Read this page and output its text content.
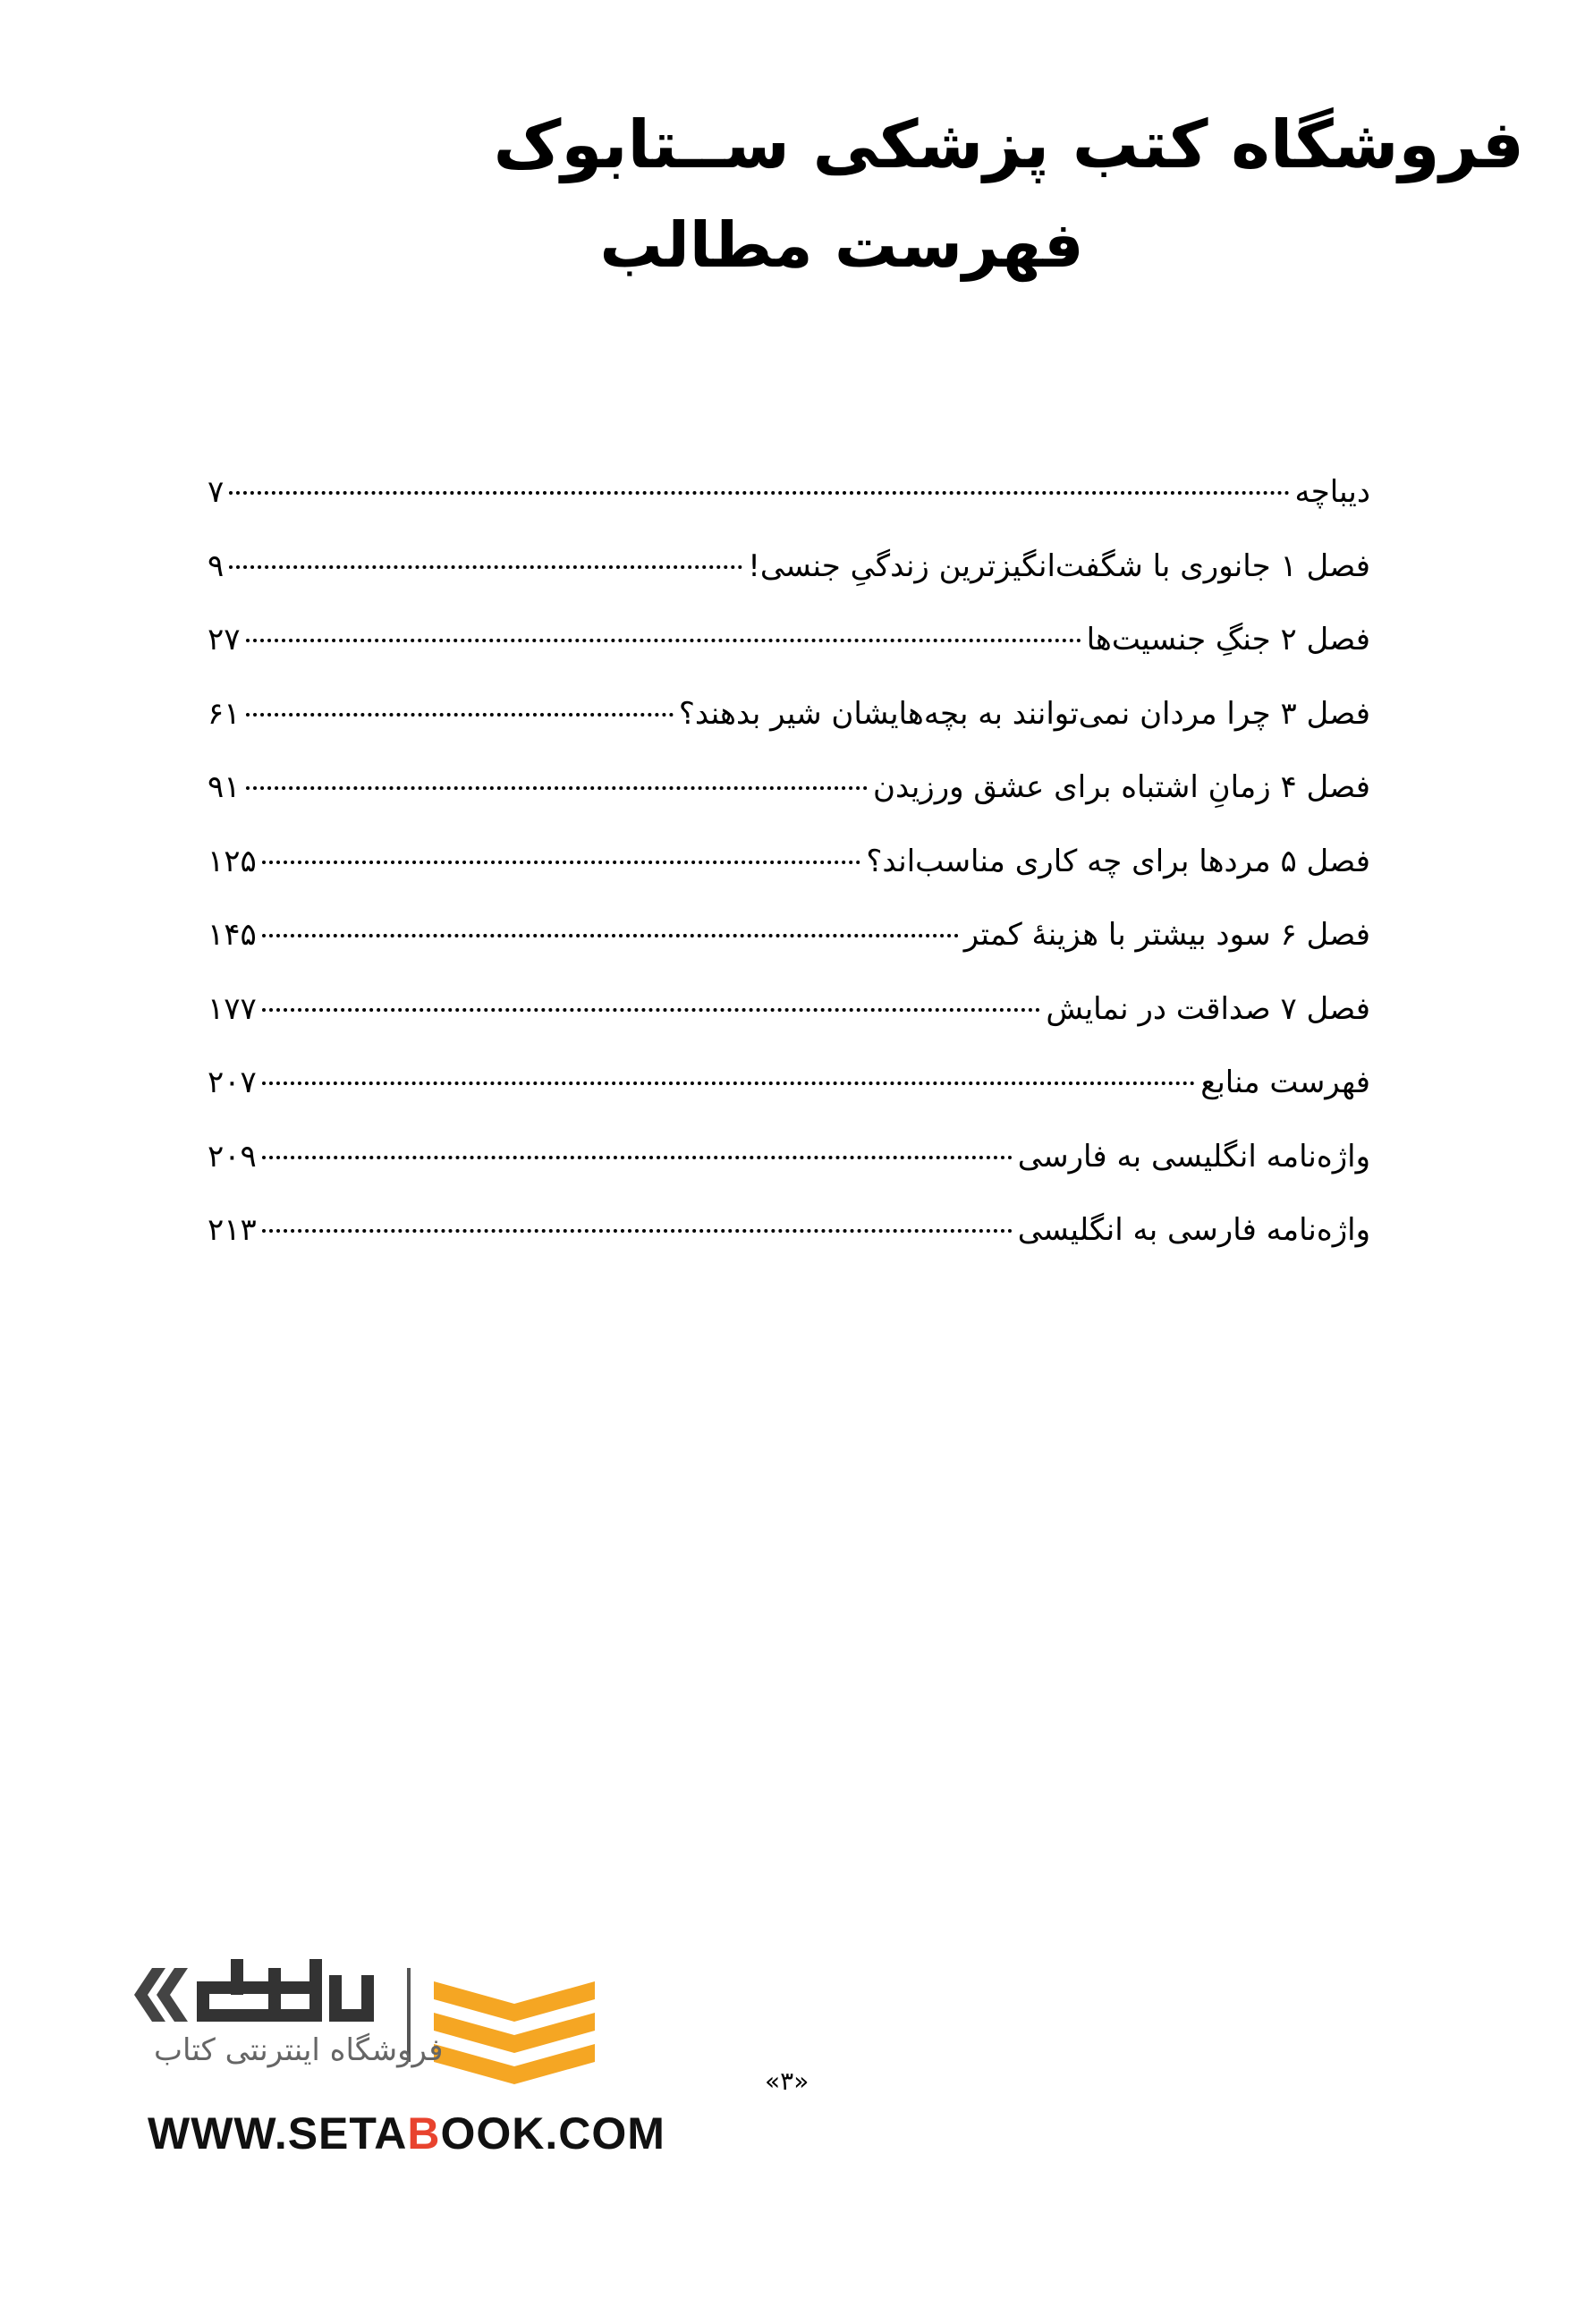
فروشگاه کتب پزشکی ســتابوک
فهرست مطالب
دیباچه
۷
فصل ۱ جانوری با شگفت‌انگیزترین زندگیِ جنسی!
۹
فصل ۲ جنگِ جنسیت‌ها
۲۷
فصل ۳ چرا مردان نمی‌توانند به بچه‌هایشان شیر بدهند؟
۶۱
فصل ۴ زمانِ اشتباه برای عشق ورزیدن
۹۱
فصل ۵ مردها برای چه کاری مناسب‌اند؟
۱۲۵
فصل ۶ سود بیشتر با هزینۀ کمتر
۱۴۵
فصل ۷ صداقت در نمایش
۱۷۷
فهرست منابع
۲۰۷
واژه‌نامه انگلیسی به فارسی
۲۰۹
واژه‌نامه فارسی به انگلیسی
۲۱۳
«۳»
فروشگاه اینترنتی کتاب
WWW.SETABOOK.COM
